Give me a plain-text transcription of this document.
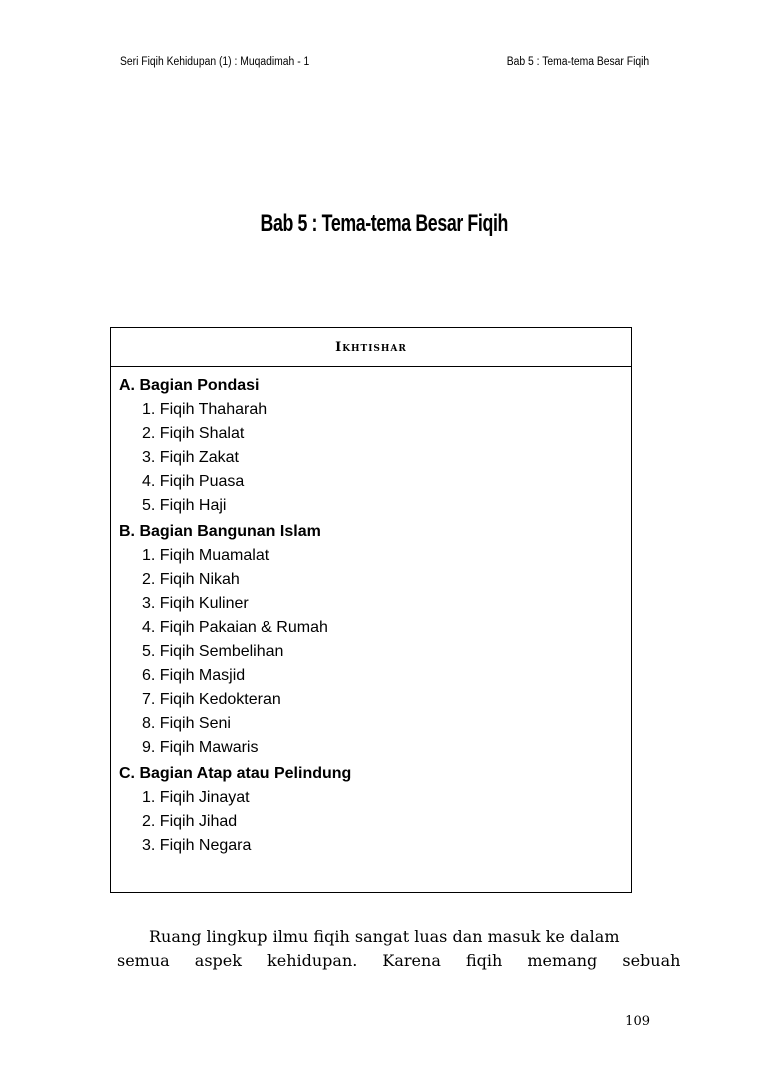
Seri Fiqih Kehidupan (1) : Muqadimah - 1	Bab 5 : Tema-tema Besar Fiqih
Bab 5 : Tema-tema Besar Fiqih
Ikhtishar
A. Bagian Pondasi
1. Fiqih Thaharah
2. Fiqih Shalat
3. Fiqih Zakat
4. Fiqih Puasa
5. Fiqih Haji
B. Bagian Bangunan Islam
1. Fiqih Muamalat
2. Fiqih Nikah
3. Fiqih Kuliner
4. Fiqih Pakaian & Rumah
5. Fiqih Sembelihan
6. Fiqih Masjid
7. Fiqih Kedokteran
8. Fiqih Seni
9. Fiqih Mawaris
C. Bagian Atap atau Pelindung
1. Fiqih Jinayat
2. Fiqih Jihad
3. Fiqih Negara
Ruang lingkup ilmu fiqih sangat luas dan masuk ke dalam
semua aspek kehidupan. Karena fiqih memang sebuah
109
